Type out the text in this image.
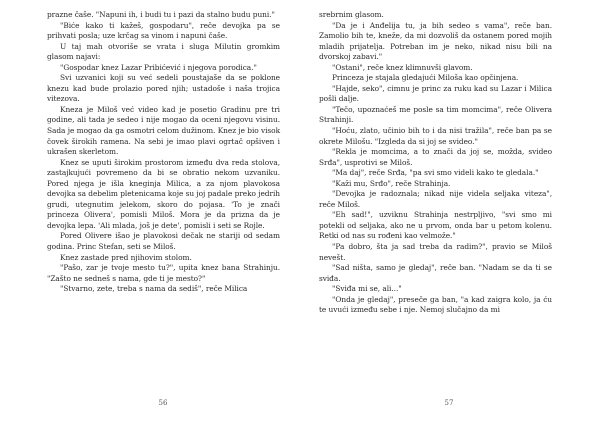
prazne čaše. "Napuni ih, i budi tu i pazi da stalno budu puni."

"Biće kako ti kažeš, gospodaru", reče devojka pa se prihvati posla; uze krčag sa vinom i napuni čaše.

U taj mah otvoriše se vrata i sluga Milutin gromkim glasom najavi:

"Gospodar knez Lazar Pribićević i njegova porodica."

Svi uzvanici koji su već sedeli poustajaše da se poklone knezu kad bude prolazio pored njih; ustadoše i naša trojica vitezova.

Kneza je Miloš već video kad je posetio Gradinu pre tri godine, ali tada je sedeo i nije mogao da oceni njegovu visinu. Sada je mogao da ga osmotri celom dužinom. Knez je bio visok čovek širokih ramena. Na sebi je imao plavi ogrtač opšiven i ukrašen skerletom.

Knez se uputi širokim prostorom između dva reda stolova, zastajkujući povremeno da bi se obratio nekom uzvaniku. Pored njega je išla kneginja Milica, a za njom plavokosa devojka sa debelim pletenicama koje su joj padale preko jedrih grudi, utegnutim jelekom, skoro do pojasa. 'To je znači princeza Olivera', pomisli Miloš. Mora je da prizna da je devojka lepa. 'Ali mlada, još je dete', pomisli i seti se Rojle.

Pored Olivere išao je plavokosi dečak ne stariji od sedam godina. Princ Stefan, seti se Miloš.

Knez zastade pred njihovim stolom.

"Pašo, zar je tvoje mesto tu?", upita knez bana Strahinju. "Zašto ne sedneš s nama, gde ti je mesto?"

"Stvarno, zete, treba s nama da sediš", reče Milica

56

srebrnim glasom.

"Da je i Anđelija tu, ja bih sedeo s vama", reče ban. Zamolio bih te, kneže, da mi dozvoliš da ostanem pored mojih mladih prijatelja. Potreban im je neko, nikad nisu bili na dvorskoj zabavi."

"Ostani", reče knez klimnuvši glavom.

Princeza je stajala gledajući Miloša kao opčinjena.

"Hajde, seko", cimnu je princ za ruku kad su Lazar i Milica pošli dalje.

"Tečo, upoznaćeš me posle sa tim momcima", reče Olivera Strahinji.

"Hoću, zlato, učinio bih to i da nisi tražila", reče ban pa se okrete Milošu. "Izgleda da si joj se svideo."

"Rekla je momcima, a to znači da joj se, možda, svideo Srđa", usprotivi se Miloš.

"Ma daj", reče Srđa, "pa svi smo videli kako te gledala."

"Kaži mu, Srđo", reče Strahinja.

"Devojka je radoznala; nikad nije videla seljaka viteza", reče Miloš.

"Eh sad!", uzviknu Strahinja nestrpljivo, "svi smo mi potekli od seljaka, ako ne u prvom, onda bar u petom kolenu. Retki od nas su rođeni kao velmože."

"Pa dobro, šta ja sad treba da radim?", pravio se Miloš nevešt.

"Sad ništa, samo je gledaj", reče ban. "Nadam se da ti se sviđa.

"Sviđa mi se, ali..."

"Onda je gledaj", preseče ga ban, "a kad zaigra kolo, ja ću te uvući između sebe i nje. Nemoj slučajno da mi

57
